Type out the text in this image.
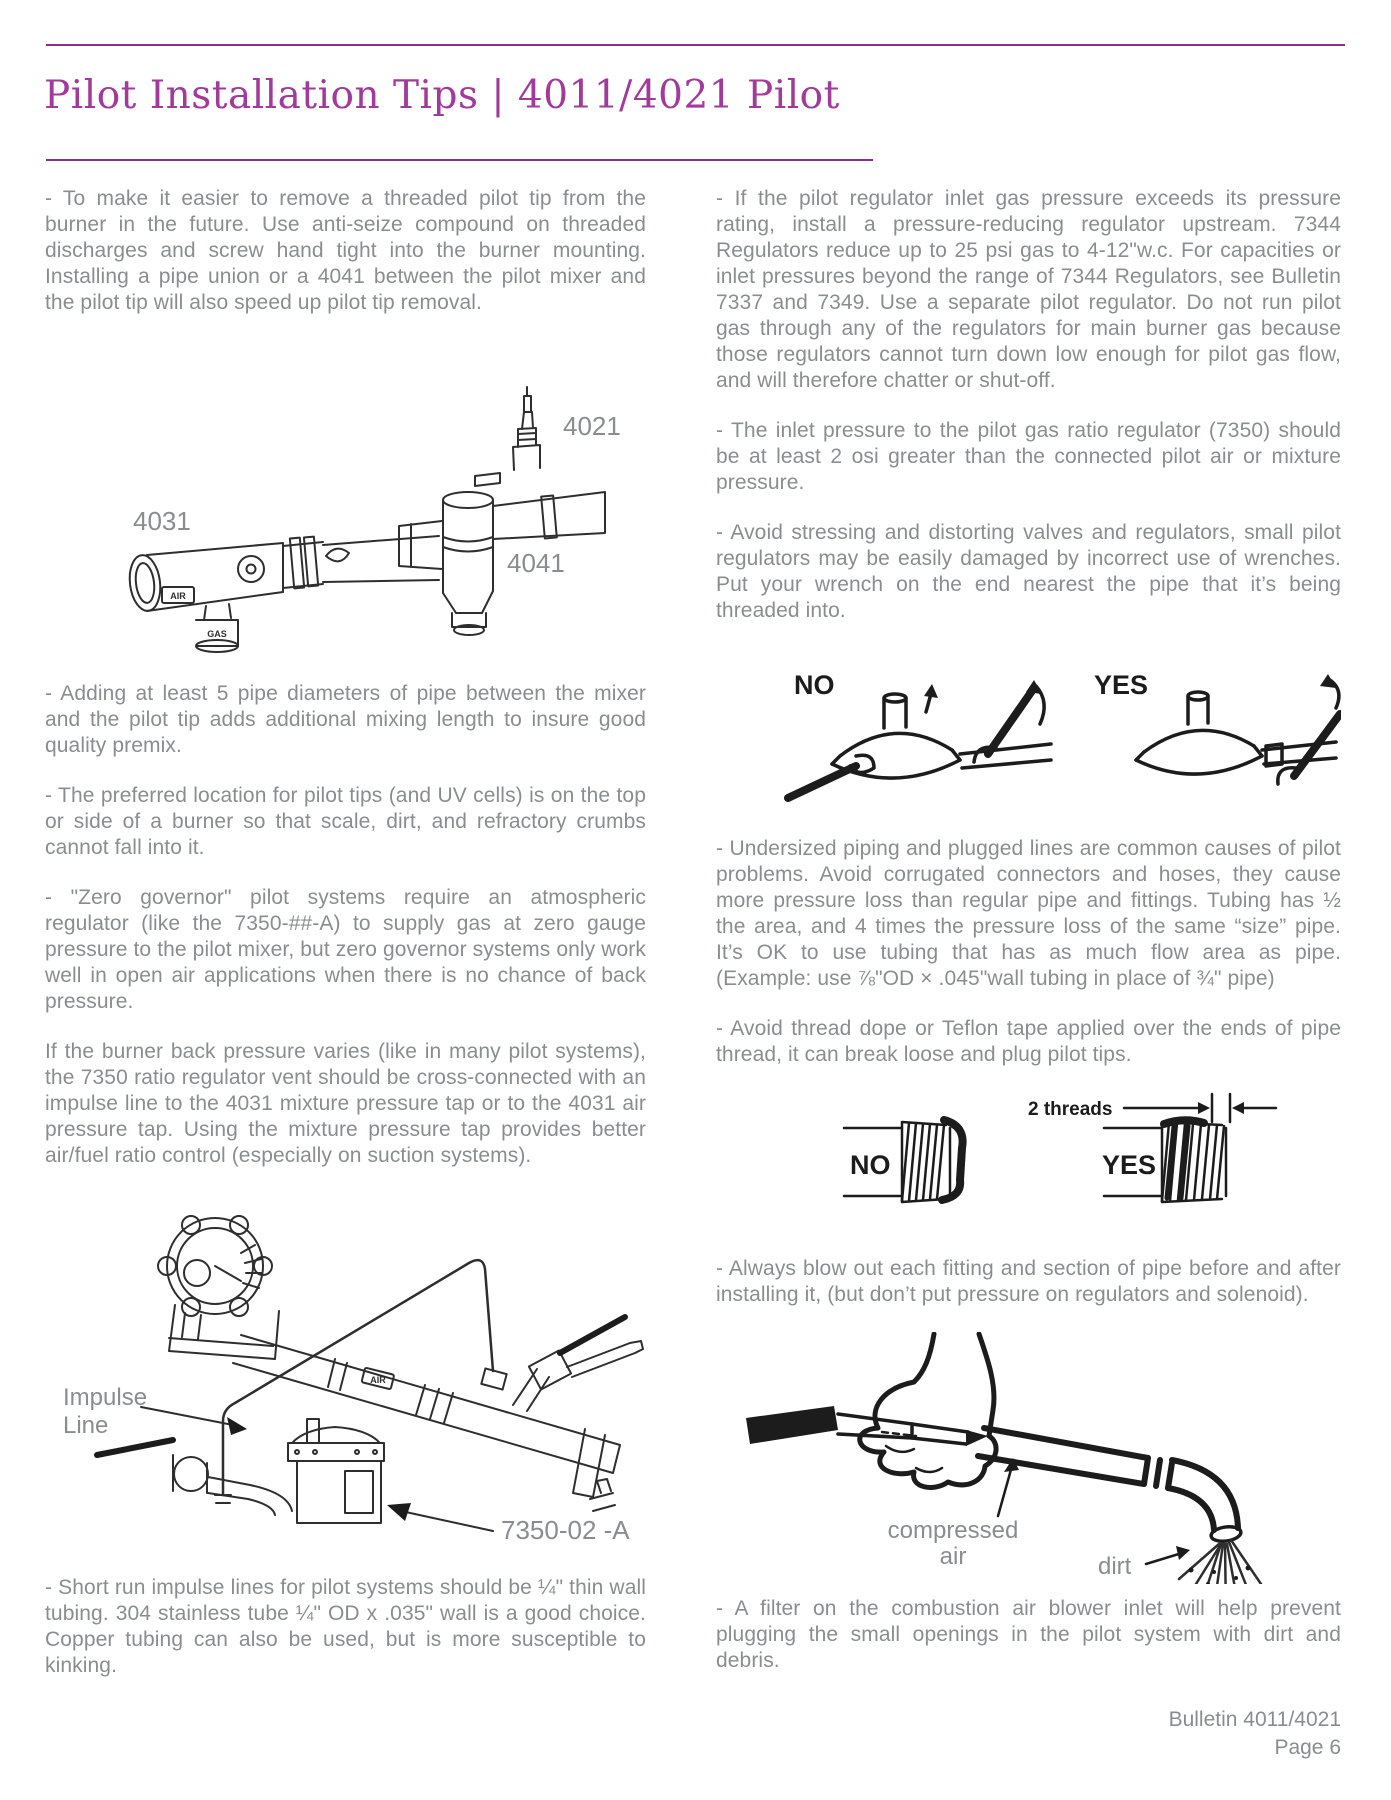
Pilot Installation Tips | 4011/4021 Pilot

- To make it easier to remove a threaded pilot tip from the burner in the future. Use anti-seize compound on threaded discharges and screw hand tight into the burner mounting. Installing a pipe union or a 4041 between the pilot mixer and the pilot tip will also speed up pilot tip removal.

AIR
GAS
4021
4031
4041

- Adding at least 5 pipe diameters of pipe between the mixer and the pilot tip adds additional mixing length to insure good quality premix.

- The preferred location for pilot tips (and UV cells) is on the top or side of a burner so that scale, dirt, and refractory crumbs cannot fall into it.

- "Zero governor" pilot systems require an atmospheric regulator (like the 7350-##-A) to supply gas at zero gauge pressure to the pilot mixer, but zero governor systems only work well in open air applications when there is no chance of back pressure.

If the burner back pressure varies (like in many pilot systems), the 7350 ratio regulator vent should be cross-connected with an impulse line to the 4031 mixture pressure tap or to the 4031 air pressure tap. Using the mixture pressure tap provides better air/fuel ratio control (especially on suction systems).

AIR
Impulse
Line
7350-02 -A

- Short run impulse lines for pilot systems should be ¼" thin wall tubing. 304 stainless tube ¼" OD x .035" wall is a good choice. Copper tubing can also be used, but is more susceptible to kinking.

- If the pilot regulator inlet gas pressure exceeds its pressure rating, install a pressure-reducing regulator upstream. 7344 Regulators reduce up to 25 psi gas to 4-12"w.c. For capacities or inlet pressures beyond the range of 7344 Regulators, see Bulletin 7337 and 7349. Use a separate pilot regulator. Do not run pilot gas through any of the regulators for main burner gas because those regulators cannot turn down low enough for pilot gas flow, and will therefore chatter or shut-off.

- The inlet pressure to the pilot gas ratio regulator (7350) should be at least 2 osi greater than the connected pilot air or mixture pressure.

- Avoid stressing and distorting valves and regulators, small pilot regulators may be easily damaged by incorrect use of wrenches. Put your wrench on the end nearest the pipe that it’s being threaded into.

NO	YES

- Undersized piping and plugged lines are common causes of pilot problems. Avoid corrugated connectors and hoses, they cause more pressure loss than regular pipe and fittings. Tubing has ½ the area, and 4 times the pressure loss of the same “size” pipe. It’s OK to use tubing that has as much flow area as pipe. (Example: use ⅞"OD × .045"wall tubing in place of ¾" pipe)

- Avoid thread dope or Teflon tape applied over the ends of pipe thread, it can break loose and plug pilot tips.

2 threads
NO	YES

- Always blow out each fitting and section of pipe before and after installing it, (but don’t put pressure on regulators and solenoid).

compressed
air	dirt

- A filter on the combustion air blower inlet will help prevent plugging the small openings in the pilot system with dirt and debris.

Bulletin 4011/4021
Page 6
